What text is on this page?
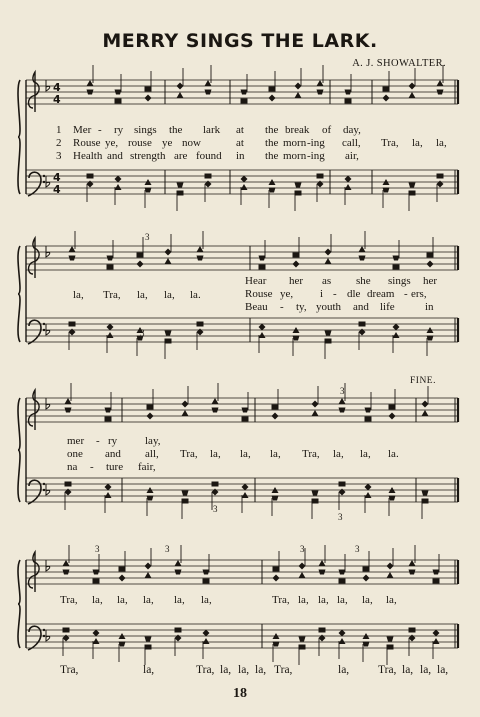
MERRY SINGS THE LARK.
A. J. SHOWALTER.
4
4
4
4
3
3	3	3	3
3
3
3
3
1
2
3
Mer - ry sings the lark at the break of day,
Rouse ye, rouse ye now	at the morn -ing call,
Health and strength are found in the morn -ing air,
Tra, la, la,
la, Tra, la, la, la.
Hear her as she sings her
Rouse ye, i - dle dream - ers,
Beau - ty, youth and life	in
mer - ry	lay,
one and all,
na - ture fair,
Tra, la, la, la, Tra, la, la, la.
FINE.
Tra, la, la, la, la, la,	Tra, la, la, la, la, la,
Tra,	la,	Tra, la, la, la, Tra,	la,	Tra, la, la, la,
18
